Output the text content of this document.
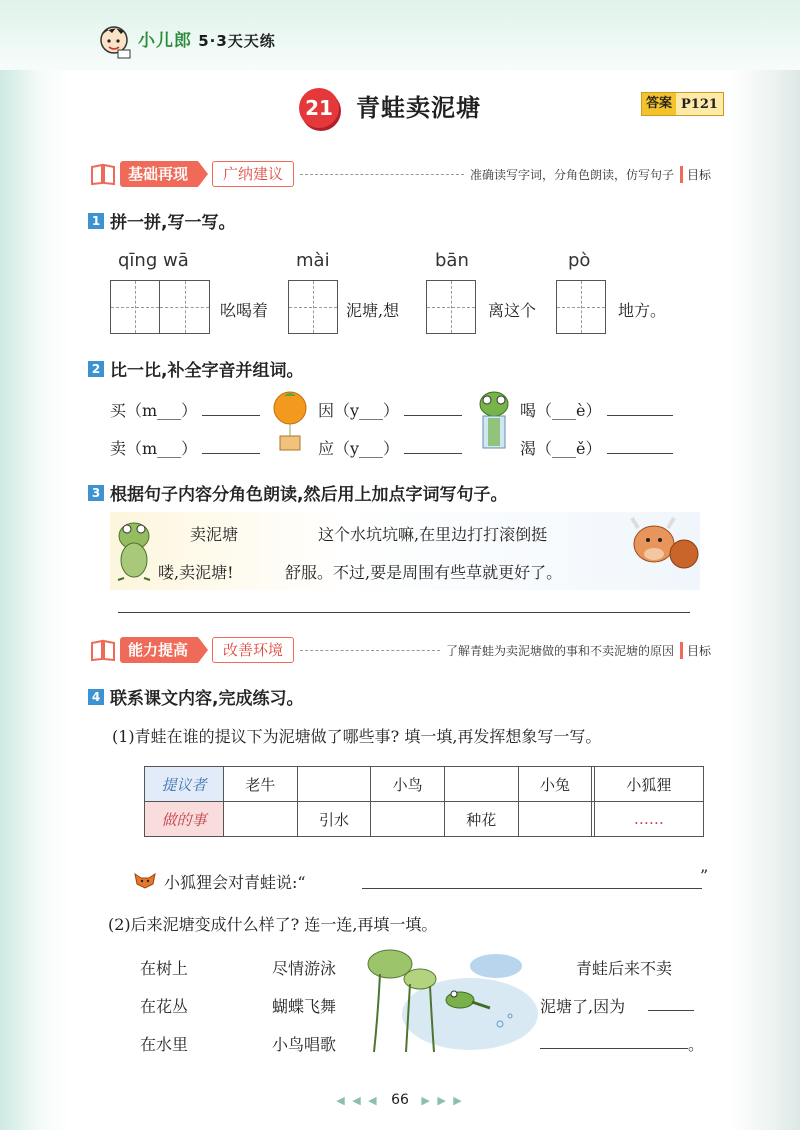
小儿郎 5·3天天练
21 青蛙卖泥塘	答案 P121
基础再现	广纳建议	准确读写字词，分角色朗读，仿写句子	目标
1 拼一拼,写一写。
qīng wā	mài	bān	pò
吆喝着	泥塘,想	离这个	地方。
2 比一比,补全字音并组词。
买（m___）	因（y___）	喝（___è）
卖（m___）	应（y___）	渴（___ě）
3 根据句子内容分角色朗读,然后用上加点字词写句子。
卖泥塘
喽,卖泥塘!
这个水坑坑嘛,在里边打打滚倒挺
舒服。不过,要是周围有些草就更好了。
能力提高	改善环境	了解青蛙为卖泥塘做的事和不卖泥塘的原因	目标
4 联系课文内容,完成练习。
(1)青蛙在谁的提议下为泥塘做了哪些事? 填一填,再发挥想象写一写。
提议者	老牛		小鸟		小兔		小狐狸
做的事		引水		种花			……
小狐狸会对青蛙说:“	”
(2)后来泥塘变成什么样了? 连一连,再填一填。
在树上
在花丛
在水里
尽情游泳
蝴蝶飞舞
小鸟唱歌
青蛙后来不卖
泥塘了,因为
。
◀ ◀ ◀ 66 ▶ ▶ ▶
